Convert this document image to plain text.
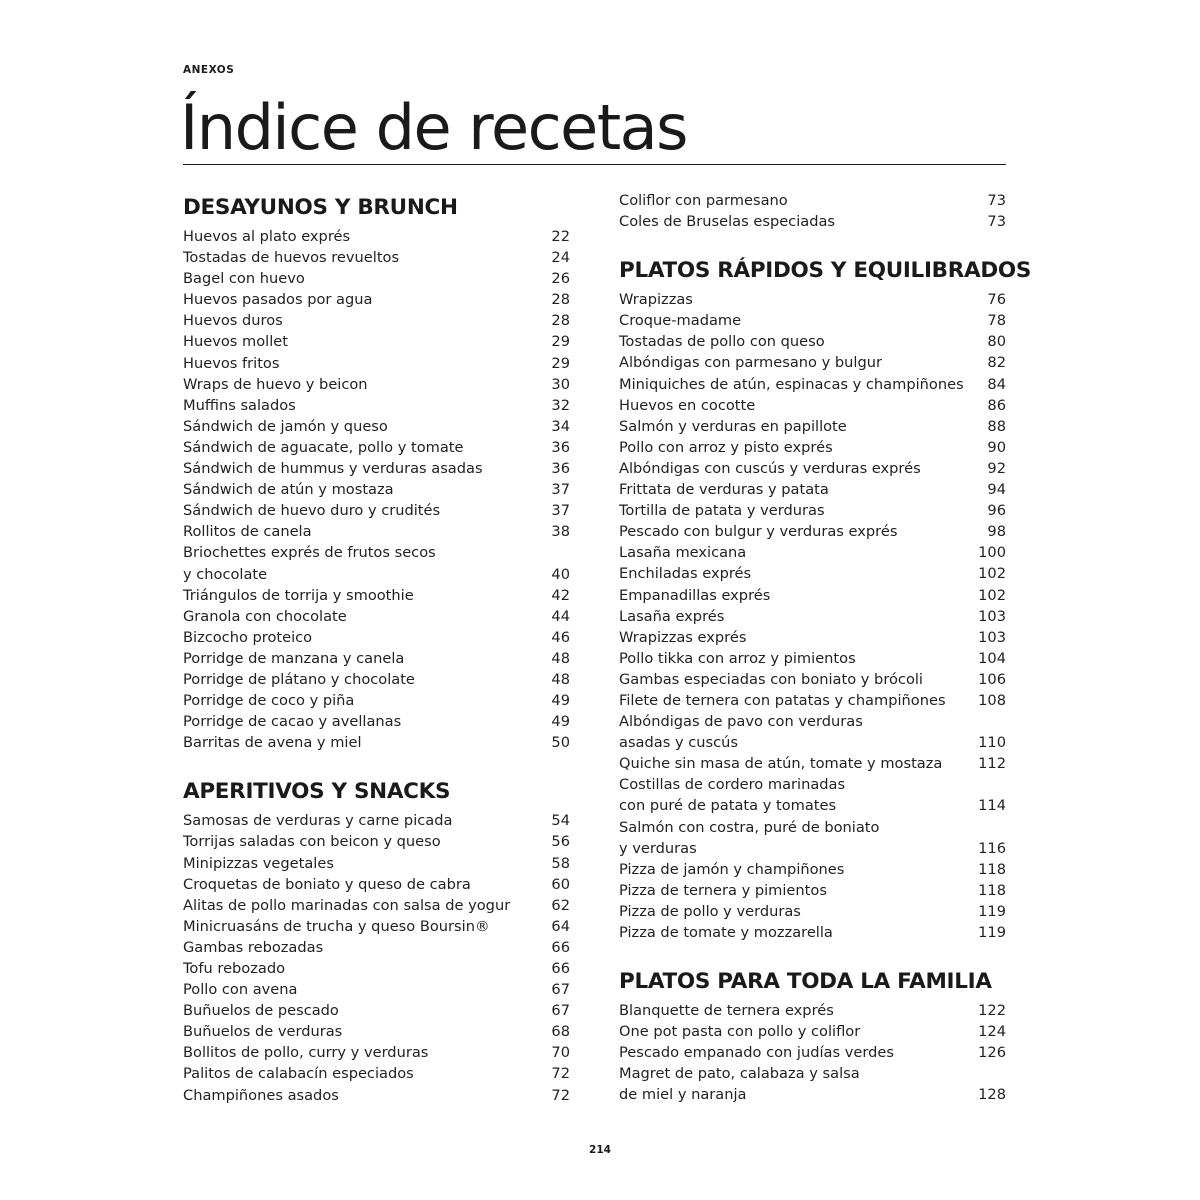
ANEXOS
Índice de recetas
DESAYUNOS Y BRUNCH
Huevos al plato exprés	22
Tostadas de huevos revueltos	24
Bagel con huevo	26
Huevos pasados por agua	28
Huevos duros	28
Huevos mollet	29
Huevos fritos	29
Wraps de huevo y beicon	30
Muffins salados	32
Sándwich de jamón y queso	34
Sándwich de aguacate, pollo y tomate	36
Sándwich de hummus y verduras asadas	36
Sándwich de atún y mostaza	37
Sándwich de huevo duro y crudités	37
Rollitos de canela	38
Briochettes exprés de frutos secos
y chocolate	40
Triángulos de torrija y smoothie	42
Granola con chocolate	44
Bizcocho proteico	46
Porridge de manzana y canela	48
Porridge de plátano y chocolate	48
Porridge de coco y piña	49
Porridge de cacao y avellanas	49
Barritas de avena y miel	50
APERITIVOS Y SNACKS
Samosas de verduras y carne picada	54
Torrijas saladas con beicon y queso	56
Minipizzas vegetales	58
Croquetas de boniato y queso de cabra	60
Alitas de pollo marinadas con salsa de yogur	62
Minicruasáns de trucha y queso Boursin®	64
Gambas rebozadas	66
Tofu rebozado	66
Pollo con avena	67
Buñuelos de pescado	67
Buñuelos de verduras	68
Bollitos de pollo, curry y verduras	70
Palitos de calabacín especiados	72
Champiñones asados	72
Coliflor con parmesano	73
Coles de Bruselas especiadas	73
PLATOS RÁPIDOS Y EQUILIBRADOS
Wrapizzas	76
Croque-madame	78
Tostadas de pollo con queso	80
Albóndigas con parmesano y bulgur	82
Miniquiches de atún, espinacas y champiñones	84
Huevos en cocotte	86
Salmón y verduras en papillote	88
Pollo con arroz y pisto exprés	90
Albóndigas con cuscús y verduras exprés	92
Frittata de verduras y patata	94
Tortilla de patata y verduras	96
Pescado con bulgur y verduras exprés	98
Lasaña mexicana	100
Enchiladas exprés	102
Empanadillas exprés	102
Lasaña exprés	103
Wrapizzas exprés	103
Pollo tikka con arroz y pimientos	104
Gambas especiadas con boniato y brócoli	106
Filete de ternera con patatas y champiñones	108
Albóndigas de pavo con verduras
asadas y cuscús	110
Quiche sin masa de atún, tomate y mostaza	112
Costillas de cordero marinadas
con puré de patata y tomates	114
Salmón con costra, puré de boniato
y verduras	116
Pizza de jamón y champiñones	118
Pizza de ternera y pimientos	118
Pizza de pollo y verduras	119
Pizza de tomate y mozzarella	119
PLATOS PARA TODA LA FAMILIA
Blanquette de ternera exprés	122
One pot pasta con pollo y coliflor	124
Pescado empanado con judías verdes	126
Magret de pato, calabaza y salsa
de miel y naranja	128
214
